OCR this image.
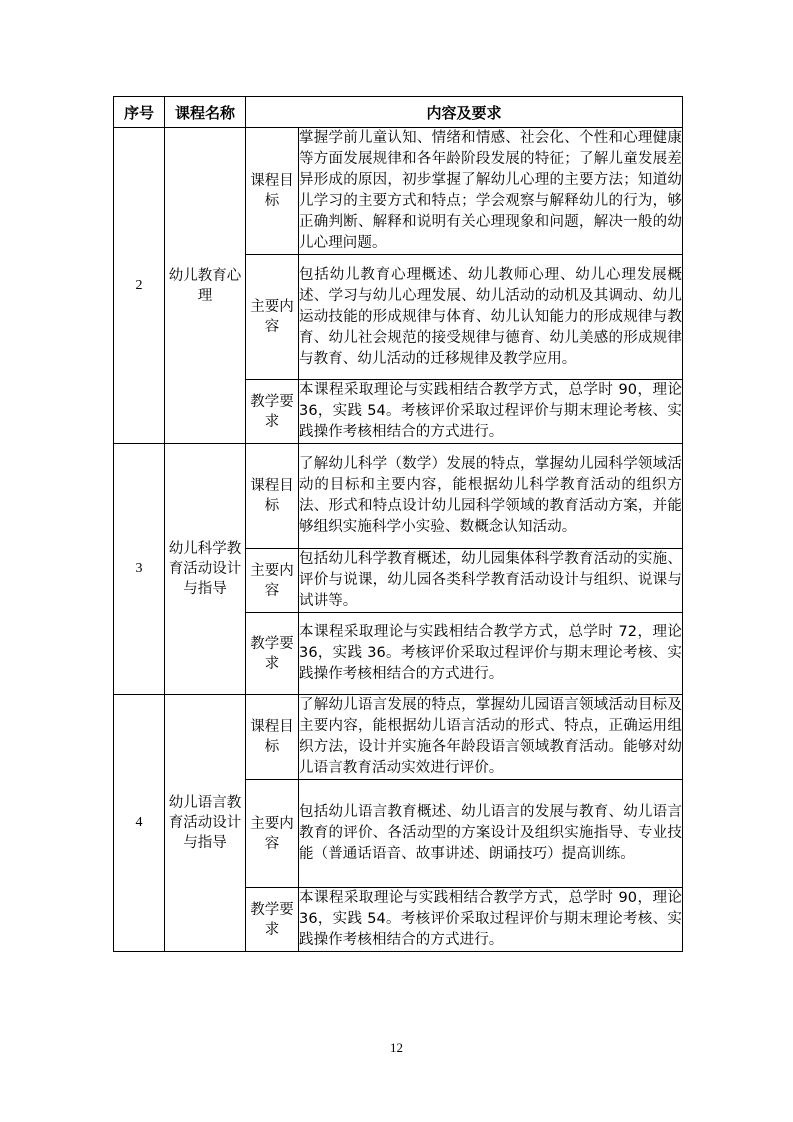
序号	课程名称	内容及要求	
2	幼儿教育心理	课程目标	掌握学前儿童认知、情绪和情感、社会化、个性和心理健康等方面发展规律和各年龄阶段发展的特征；了解儿童发展差异形成的原因，初步掌握了解幼儿心理的主要方法；知道幼儿学习的主要方式和特点；学会观察与解释幼儿的行为，够正确判断、解释和说明有关心理现象和问题，解决一般的幼儿心理问题。
		主要内容	包括幼儿教育心理概述、幼儿教师心理、幼儿心理发展概述、学习与幼儿心理发展、幼儿活动的动机及其调动、幼儿运动技能的形成规律与体育、幼儿认知能力的形成规律与教育、幼儿社会规范的接受规律与德育、幼儿美感的形成规律与教育、幼儿活动的迁移规律及教学应用。
		教学要求	本课程采取理论与实践相结合教学方式，总学时 90，理论 36，实践 54。考核评价采取过程评价与期末理论考核、实践操作考核相结合的方式进行。
3	幼儿科学教育活动设计与指导	课程目标	了解幼儿科学（数学）发展的特点，掌握幼儿园科学领域活动的目标和主要内容，能根据幼儿科学教育活动的组织方法、形式和特点设计幼儿园科学领域的教育活动方案，并能够组织实施科学小实验、数概念认知活动。
		主要内容	包括幼儿科学教育概述，幼儿园集体科学教育活动的实施、评价与说课，幼儿园各类科学教育活动设计与组织、说课与试讲等。
		教学要求	本课程采取理论与实践相结合教学方式，总学时 72，理论 36，实践 36。考核评价采取过程评价与期末理论考核、实践操作考核相结合的方式进行。
4	幼儿语言教育活动设计与指导	课程目标	了解幼儿语言发展的特点，掌握幼儿园语言领域活动目标及主要内容，能根据幼儿语言活动的形式、特点，正确运用组织方法，设计并实施各年龄段语言领域教育活动。能够对幼儿语言教育活动实效进行评价。
		主要内容	包括幼儿语言教育概述、幼儿语言的发展与教育、幼儿语言教育的评价、各活动型的方案设计及组织实施指导、专业技能（普通话语音、故事讲述、朗诵技巧）提高训练。
		教学要求	本课程采取理论与实践相结合教学方式，总学时 90，理论 36，实践 54。考核评价采取过程评价与期末理论考核、实践操作考核相结合的方式进行。
12
